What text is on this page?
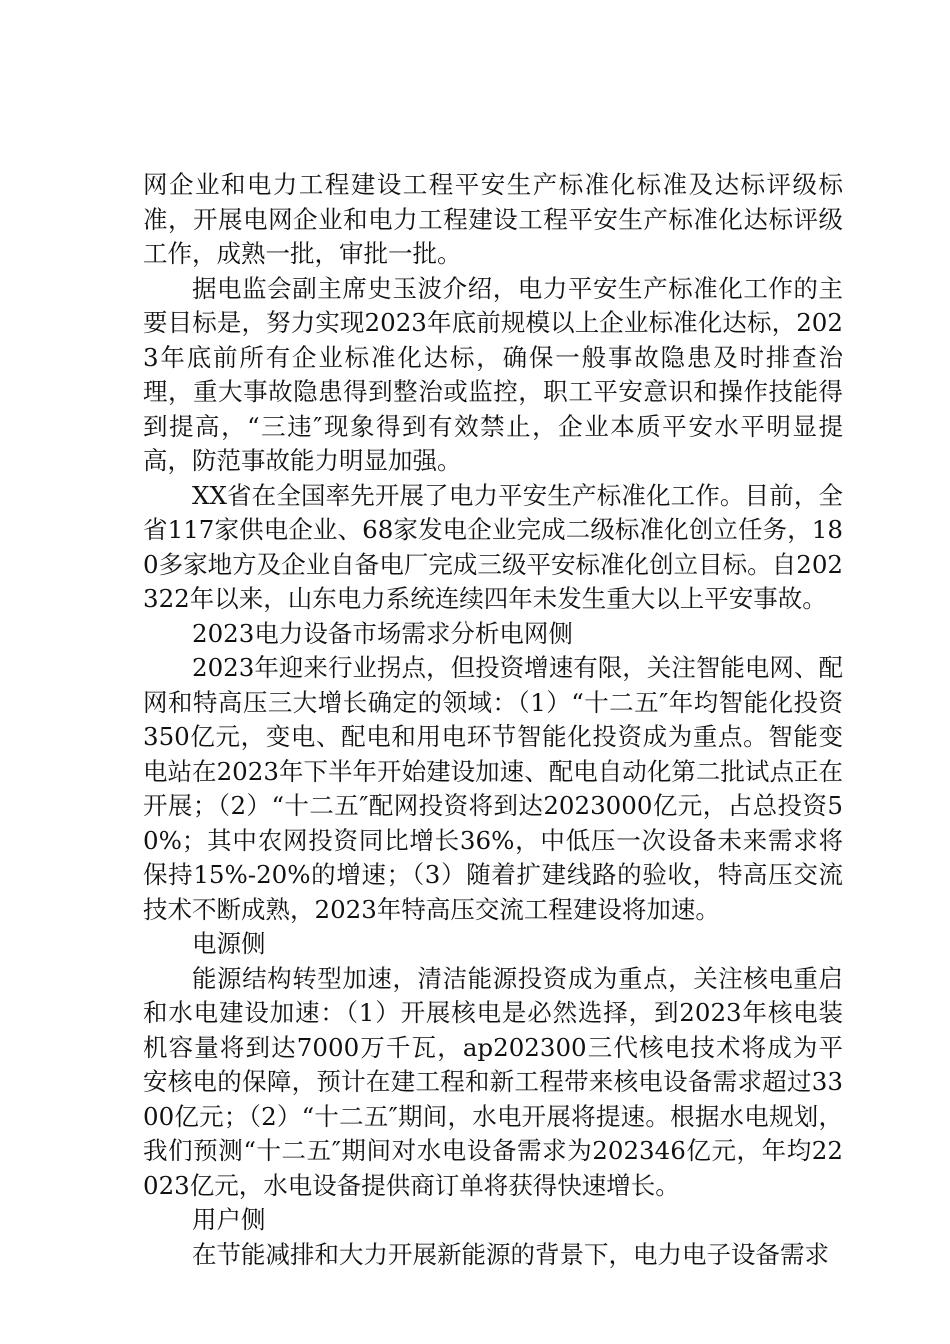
网企业和电力工程建设工程平安生产标准化标准及达标评级标准，开展电网企业和电力工程建设工程平安生产标准化达标评级工作，成熟一批，审批一批。

据电监会副主席史玉波介绍，电力平安生产标准化工作的主要目标是，努力实现2023年底前规模以上企业标准化达标，2023年底前所有企业标准化达标，确保一般事故隐患及时排查治理，重大事故隐患得到整治或监控，职工平安意识和操作技能得到提高，“三违″现象得到有效禁止，企业本质平安水平明显提高，防范事故能力明显加强。

XX省在全国率先开展了电力平安生产标准化工作。目前，全省117家供电企业、68家发电企业完成二级标准化创立任务，180多家地方及企业自备电厂完成三级平安标准化创立目标。自202322年以来，山东电力系统连续四年未发生重大以上平安事故。

2023电力设备市场需求分析电网侧

2023年迎来行业拐点，但投资增速有限，关注智能电网、配网和特高压三大增长确定的领域：（1）“十二五″年均智能化投资350亿元，变电、配电和用电环节智能化投资成为重点。智能变电站在2023年下半年开始建设加速、配电自动化第二批试点正在开展；（2）“十二五″配网投资将到达2023000亿元，占总投资50%；其中农网投资同比增长36%，中低压一次设备未来需求将保持15%-20%的增速；（3）随着扩建线路的验收，特高压交流技术不断成熟，2023年特高压交流工程建设将加速。

电源侧

能源结构转型加速，清洁能源投资成为重点，关注核电重启和水电建设加速：（1）开展核电是必然选择，到2023年核电装机容量将到达7000万千瓦，ap202300三代核电技术将成为平安核电的保障，预计在建工程和新工程带来核电设备需求超过3300亿元；（2）“十二五″期间，水电开展将提速。根据水电规划，我们预测“十二五″期间对水电设备需求为202346亿元，年均22023亿元，水电设备提供商订单将获得快速增长。

用户侧

在节能减排和大力开展新能源的背景下，电力电子设备需求
